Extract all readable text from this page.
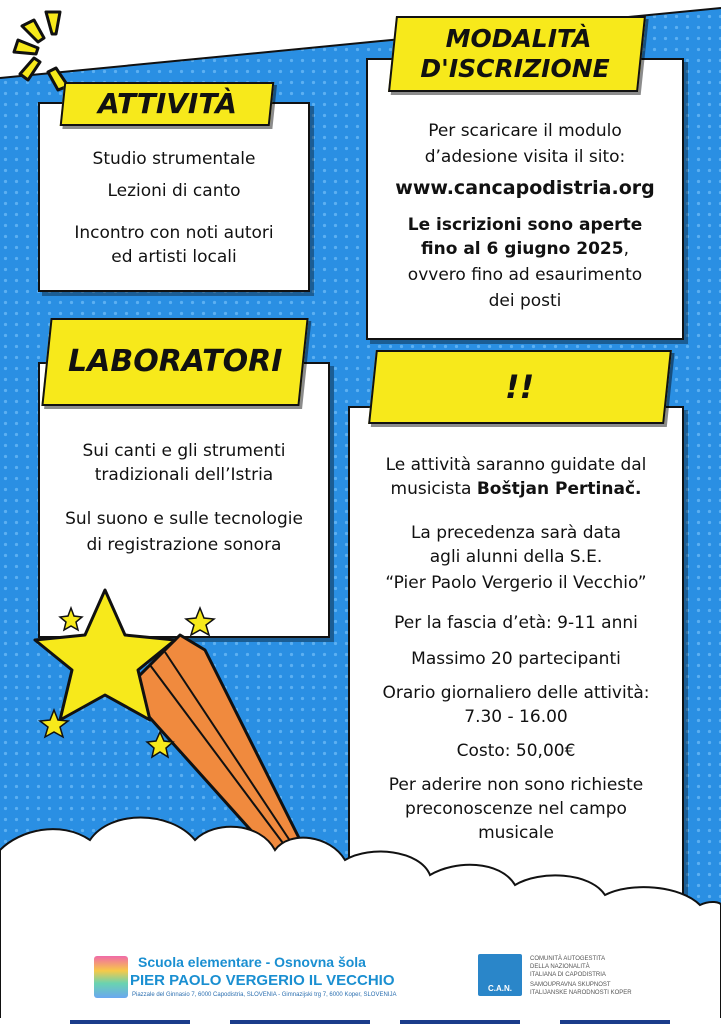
ATTIVITÀ
Studio strumentale
Lezioni di canto
Incontro con noti autori
ed artisti locali
MODALITÀ
D'ISCRIZIONE
Per scaricare il modulo
d’adesione visita il sito:
www.cancapodistria.org
Le iscrizioni sono aperte
fino al 6 giugno 2025,
ovvero fino ad esaurimento
dei posti
LABORATORI
Sui canti e gli strumenti
tradizionali dell’Istria
Sul suono e sulle tecnologie
di registrazione sonora
!!
Le attività saranno guidate dal
musicista Boštjan Pertinač.
La precedenza sarà data
agli alunni della S.E.
“Pier Paolo Vergerio il Vecchio”
Per la fascia d’età: 9-11 anni
Massimo 20 partecipanti
Orario giornaliero delle attività:
7.30 - 16.00
Costo: 50,00€
Per aderire non sono richieste
preconoscenze nel campo
musicale
Scuola elementare - Osnovna šola
PIER PAOLO VERGERIO IL VECCHIO
Piazzale del Ginnasio 7, 6000 Capodistria, SLOVENIA - Gimnazijski trg 7, 6000 Koper, SLOVENIJA
C.A.N.
COMUNITÀ AUTOGESTITA
DELLA NAZIONALITÀ
ITALIANA DI CAPODISTRIA
SAMOUPRAVNA SKUPNOST
ITALIJANSKE NARODNOSTI KOPER
